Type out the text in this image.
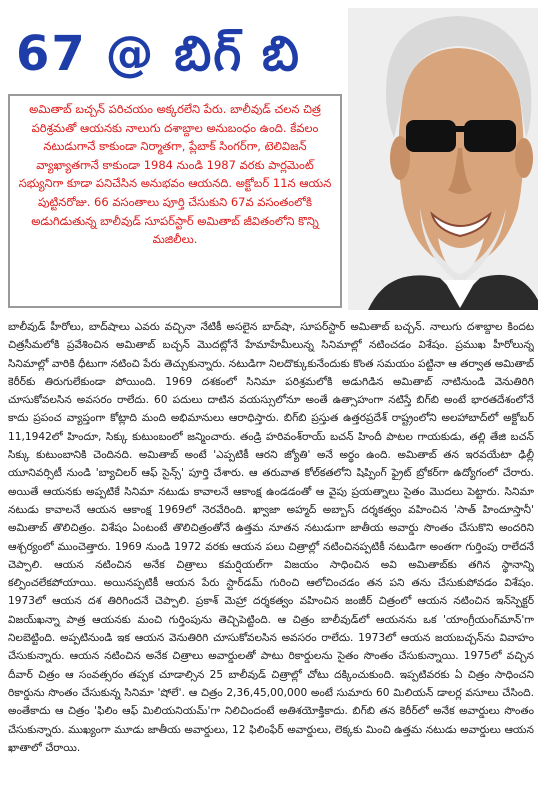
67 @ బిగ్ బి
అమితాబ్ బచ్చన్ పరిచయం అక్కరలేని పేరు. బాలీవుడ్ చలన చిత్ర పరిశ్రమతో ఆయనకు నాలుగు దశాబ్దాల అనుబంధం ఉంది. కేవలం నటుడుగానే కాకుండా నిర్మాతగా, ప్లేబాక్ సింగర్‌గా, టెలివిజన్ వ్యాఖ్యాతగానే కాకుండా 1984 నుండి 1987 వరకు పార్లమెంట్ సభ్యునిగా కూడా పనిచేసిన అనుభవం ఆయనది. అక్టోబర్ 11న ఆయన పుట్టినరోజు. 66 వసంతాలు పూర్తి చేసుకుని 67వ వసంతంలోకి అడుగిడుతున్న బాలీవుడ్ సూపర్‌స్టార్ అమితాబ్ జీవితంలోని కొన్ని మజిలీలు.
బాలీవుడ్ హీరోలు, బాద్‌షాలు ఎవరు వచ్చినా నేటికీ అసలైన బాద్‌షా, సూపర్‌స్టార్ అమితాబ్ బచ్చన్. నాలుగు దశాబ్దాల కిందట చిత్రసీమలోకి ప్రవేశించిన అమితాబ్ బచ్చన్ మొదట్లోనే హేమాహేమీలున్న సినిమాల్లో నటించడం విశేషం. ప్రముఖ హీరోలున్న సినిమాల్లో వారికి ధీటుగా నటించి పేరు తెచ్చుకున్నారు. నటుడిగా నిలదొక్కుకునేందుకు కొంత సమయం పట్టినా ఆ తర్వాత అమితాబ్ కెరీర్‌కు తిరుగులేకుండా పోయింది. 1969 దశకంలో సినిమా పరిశ్రమలోకి అడుగిడిన అమితాబ్ నాటినుండి వెనుతిరిగి చూసుకోవలసిన అవసరం రాలేదు. 60 పదులు దాటిన వయస్సులోనూ అంతే ఉత్సాహంగా నటిస్తే బిగ్‌బి అంటే భారతదేశంలోనే కాదు ప్రపంచ వ్యాప్తంగా కోట్లాది మంది అభిమానులు ఆరాధిస్తారు. బిగ్‌బి ప్రస్తుత ఉత్తరప్రదేశ్ రాష్ట్రంలోని అలహాబాద్‌లో అక్టోబర్ 11,1942లో హిందూ, సిక్కు కుటుంబంలో జన్మించారు. తండ్రి హరివంశ్‌రాయ్ బచన్ హిందీ పాటల గాయకుడు, తల్లి తేజి బచన్ సిక్కు కుటుంబానికి చెందినది. అమితాబ్ అంటే 'ఎప్పటికీ ఆరని జ్యోతి' అనే అర్థం ఉంది. అమితాబ్ తన ఇరవయేటా ఢిల్లీ యూనివర్సిటీ నుండి 'బ్యాచిలర్ ఆఫ్ సైన్స్' పూర్తి చేశారు. ఆ తరువాత కోల్‌కతలోని షిప్పింగ్ ఫ్రైట్ బ్రోకర్‌గా ఉద్యోగంలో చేరారు. అయితే ఆయనకు అప్పటికే సినిమా నటుడు కావాలనే ఆకాంక్ష ఉండడంతో ఆ వైపు ప్రయత్నాలు సైతం మొదలు పెట్టారు. సినిమా నటుడు కావాలనే ఆయన ఆకాంక్ష 1969లో నెరవేరింది. ఖ్వాజా అహ్మద్ అబ్బాస్ దర్శకత్వం వహించిన 'సాత్ హిందూస్తానీ' అమితాబ్ తొలిచిత్రం. విశేషం ఏంటంటే తొలిచిత్రంతోనే ఉత్తమ నూతన నటుడుగా జాతీయ అవార్డు సొంతం చేసుకొని అందరిని ఆశ్చర్యంలో ముంచెత్తారు. 1969 నుండి 1972 వరకు ఆయన పలు చిత్రాల్లో నటించినప్పటికీ నటుడిగా అంతగా గుర్తింపు రాలేదనే చెప్పాలి. ఆయన నటించిన అనేక చిత్రాలు కమర్షియల్‌గా విజయం సాధించిన అవి అమితాబ్‌కు తగిన స్థానాన్ని కల్పించలేకపోయాయి. అయినప్పటికీ ఆయన పేరు స్టార్‌డమ్ గురించి ఆలోచించడం తన పని తను చేసుకుపోవడం విశేషం. 1973లో ఆయన దశ తిరిగిందనే చెప్పాలి. ప్రకాశ్ మెహ్రా దర్శకత్వం వహించిన జంజీర్ చిత్రంలో ఆయన నటించిన ఇన్‌స్పెక్టర్ విజయ్‌ఖన్నా పాత్ర ఆయనకు మంచి గుర్తింపును తెచ్చిపెట్టింది. ఆ చిత్రం బాలీవుడ్‌లో ఆయనను ఒక 'యాంగ్రీయంగ్‌మాన్'గా నిలబెట్టింది. అప్పటినుండి ఇక ఆయన వెనుతిరిగి చూసుకోవలసిన అవసరం రాలేదు. 1973లో ఆయన జయబచ్చన్‌ను వివాహం చేసుకున్నారు. ఆయన నటించిన అనేక చిత్రాలు అవార్డులతో పాటు రికార్డులను సైతం సొంతం చేసుకున్నాయి. 1975లో వచ్చిన దీవార్ చిత్రం ఆ సంవత్సరం తప్పక చూడాల్సిన 25 బాలీవుడ్ చిత్రాల్లో చోటు దక్కించుకుంది. ఇప్పటివరకు ఏ చిత్రం సాధించని రికార్డును సొంతం చేసుకున్న సినిమా 'షోలే'. ఆ చిత్రం 2,36,45,00,000 అంటే సుమారు 60 మిలియన్ డాలర్ల వసూలు చేసింది. అంతేకాదు ఆ చిత్రం 'ఫిలిం ఆఫ్ మిలియనియమ్'గా నిలిచిందంటే అతిశయోక్తికాదు. బిగ్‌బి తన కెరీర్‌లో అనేక అవార్డులు సొంతం చేసుకున్నారు. ముఖ్యంగా మూడు జాతీయ అవార్డులు, 12 ఫిలింఫేర్ అవార్డులు, లెక్కకు మించి ఉత్తమ నటుడు అవార్డులు ఆయన ఖాతాలో చేరాయి.
